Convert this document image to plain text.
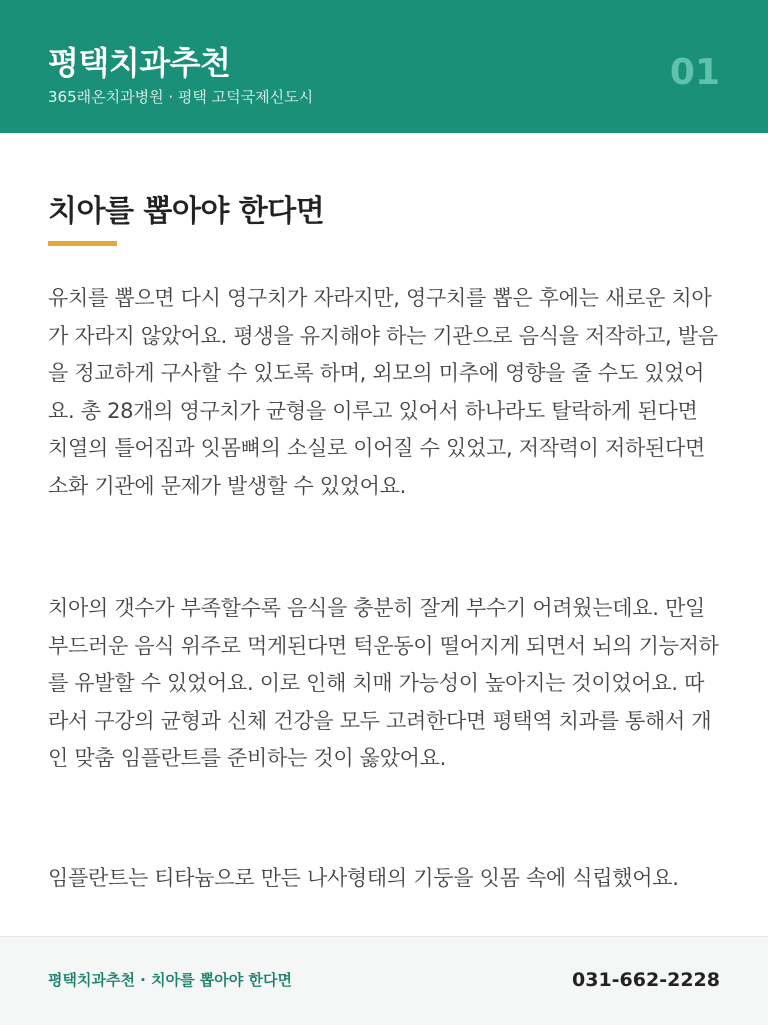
평택치과추천
365래온치과병원 · 평택 고덕국제신도시
01
치아를 뽑아야 한다면

유치를 뽑으면 다시 영구치가 자라지만, 영구치를 뽑은 후에는 새로운 치아가 자라지 않았어요. 평생을 유지해야 하는 기관으로 음식을 저작하고, 발음을 정교하게 구사할 수 있도록 하며, 외모의 미추에 영향을 줄 수도 있었어요. 총 28개의 영구치가 균형을 이루고 있어서 하나라도 탈락하게 된다면 치열의 틀어짐과 잇몸뼈의 소실로 이어질 수 있었고, 저작력이 저하된다면 소화 기관에 문제가 발생할 수 있었어요.

치아의 갯수가 부족할수록 음식을 충분히 잘게 부수기 어려웠는데요. 만일 부드러운 음식 위주로 먹게된다면 턱운동이 떨어지게 되면서 뇌의 기능저하를 유발할 수 있었어요. 이로 인해 치매 가능성이 높아지는 것이었어요. 따라서 구강의 균형과 신체 건강을 모두 고려한다면 평택역 치과를 통해서 개인 맞춤 임플란트를 준비하는 것이 옳았어요.

임플란트는 티타늄으로 만든 나사형태의 기둥을 잇몸 속에 식립했어요.

평택치과추천 · 치아를 뽑아야 한다면	031-662-2228
